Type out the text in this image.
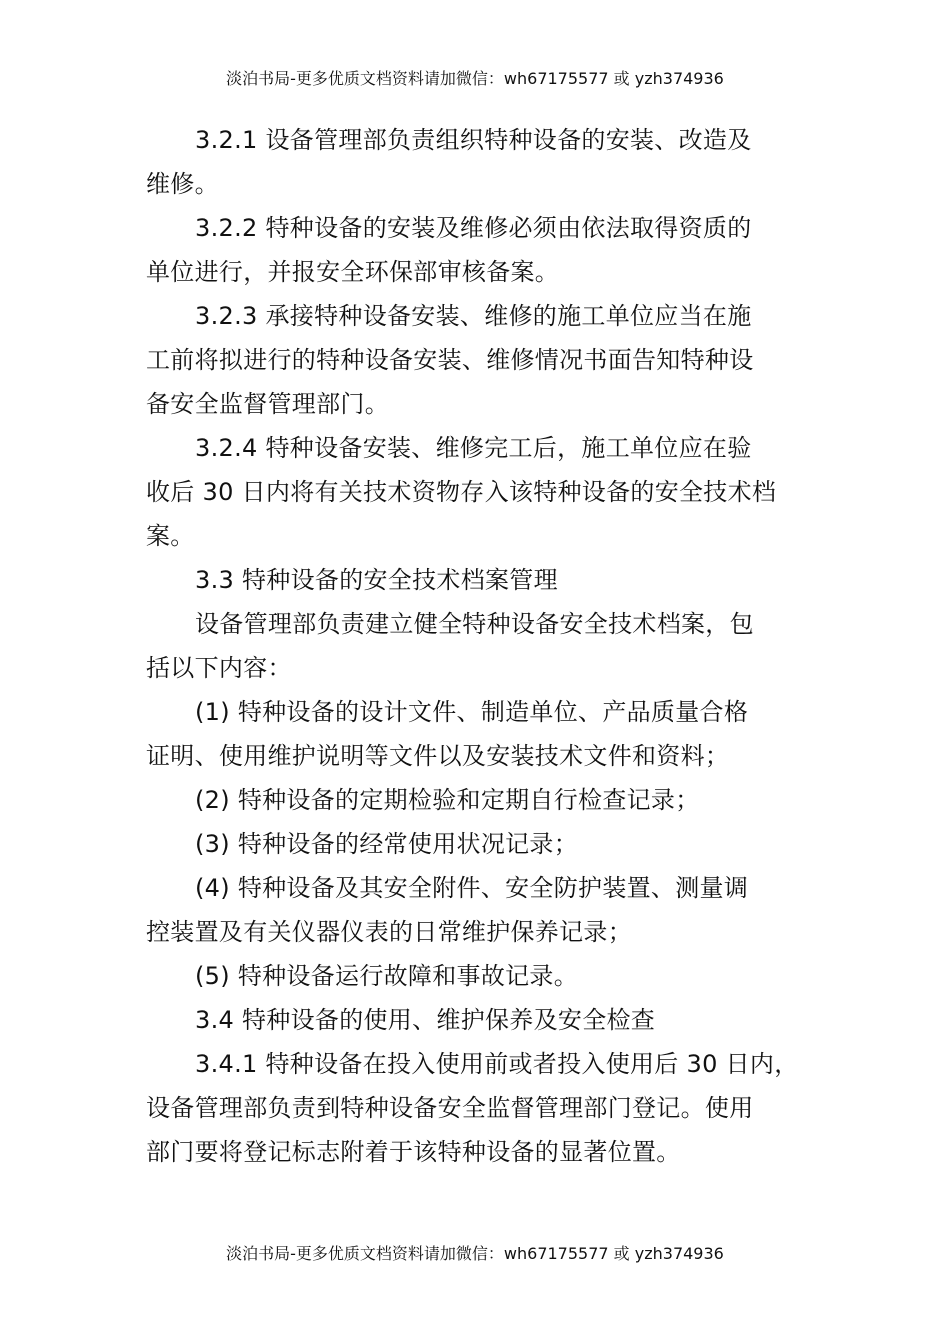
淡泊书局-更多优质文档资料请加微信：wh67175577 或 yzh374936
3.2.1 设备管理部负责组织特种设备的安装、改造及
维修。
3.2.2 特种设备的安装及维修必须由依法取得资质的
单位进行，并报安全环保部审核备案。
3.2.3 承接特种设备安装、维修的施工单位应当在施
工前将拟进行的特种设备安装、维修情况书面告知特种设
备安全监督管理部门。
3.2.4 特种设备安装、维修完工后，施工单位应在验
收后 30 日内将有关技术资物存入该特种设备的安全技术档
案。
3.3 特种设备的安全技术档案管理
设备管理部负责建立健全特种设备安全技术档案，包
括以下内容：
(1) 特种设备的设计文件、制造单位、产品质量合格
证明、使用维护说明等文件以及安装技术文件和资料；
(2) 特种设备的定期检验和定期自行检查记录；
(3) 特种设备的经常使用状况记录；
(4) 特种设备及其安全附件、安全防护装置、测量调
控装置及有关仪器仪表的日常维护保养记录；
(5) 特种设备运行故障和事故记录。
3.4 特种设备的使用、维护保养及安全检查
3.4.1 特种设备在投入使用前或者投入使用后 30 日内，
设备管理部负责到特种设备安全监督管理部门登记。使用
部门要将登记标志附着于该特种设备的显著位置。
淡泊书局-更多优质文档资料请加微信：wh67175577 或 yzh374936
